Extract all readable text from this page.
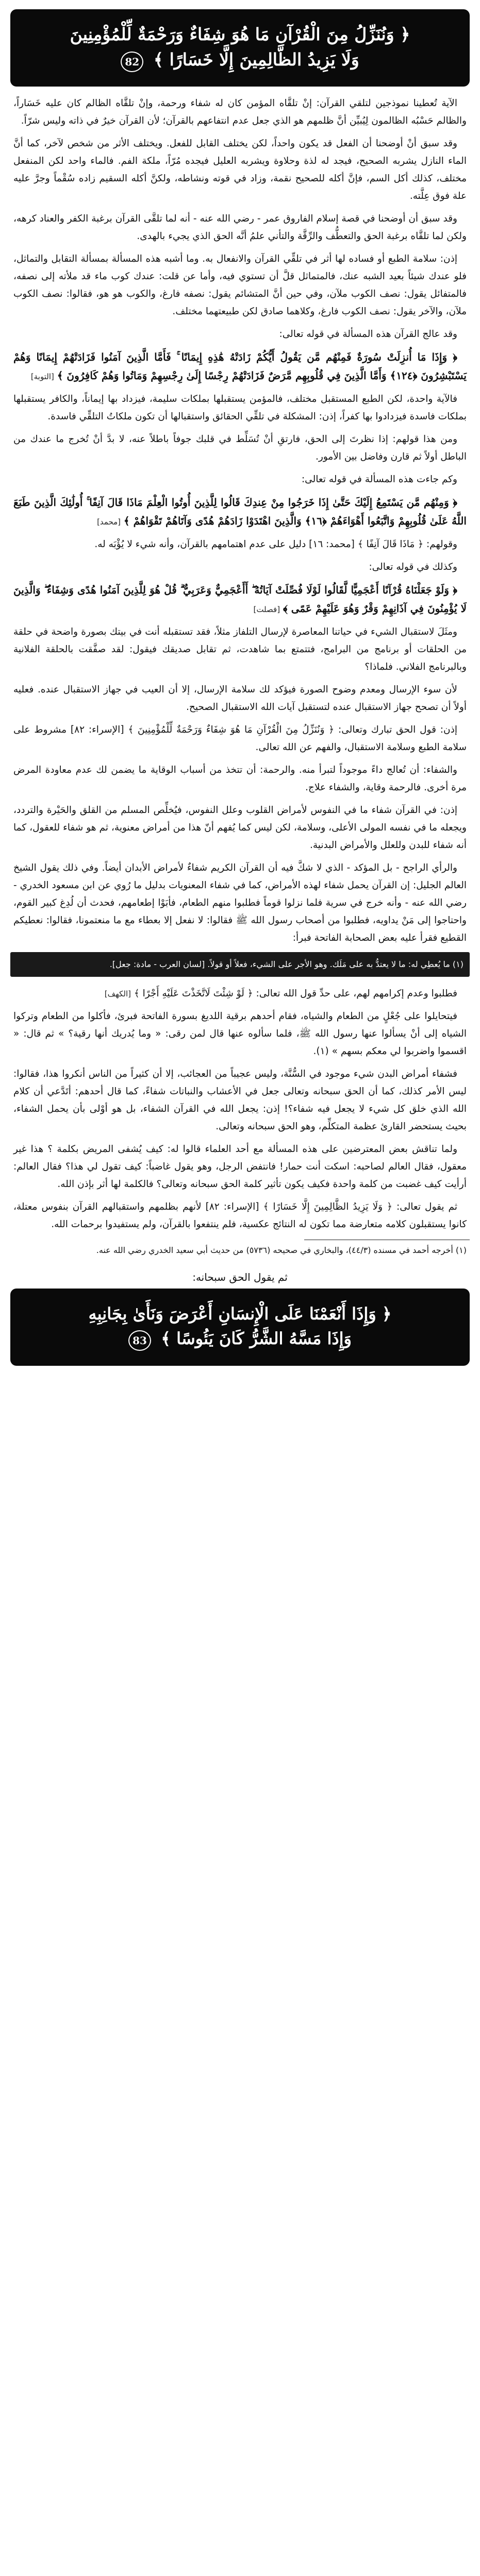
﴿ وَنُنَزِّلُ مِنَ الْقُرْآنِ مَا هُوَ شِفَاءٌ وَرَحْمَةٌ لِّلْمُؤْمِنِينَ
وَلَا يَزِيدُ الظَّالِمِينَ إِلَّا خَسَارًا ﴾ 82

الآية تُعطينا نموذجين لتلقي القرآن: إنْ تلقَّاه المؤمن كان له شفاء ورحمة، وإنْ تلقَّاه الظالم كان عليه خَسَاراً، والظالم حَسْبُه الظالمون لِيُبيِّن أنَّ ظلمهم هو الذي جعل عدم انتفاعهم بالقرآن؛ لأن القرآن خيرٌ في ذاته وليس شرّاً.

وقد سبق أنْ أوضحنا أن الفعل قد يكون واحداً، لكن يختلف القابل للفعل. ويختلف الأثر من شخص لآخر، كما أنَّ الماء النازل يشربه الصحيح، فيجد له لذة وحلاوة ويشربه العليل فيجده مُرّاً، ملكة الفم. فالماء واحد لكن المنفعل مختلف، كذلك أكل السم، فإنَّ أكله للصحيح نقمة، وزاد في قوته ونشاطه، ولكنَّ أكله السقيم زاده سُقْماً وجرَّ عليه علة فوق عِلَّته.

وقد سبق أن أوضحنا في قصة إسلام الفاروق عمر - رضي الله عنه - أنه لما تلقَّى القرآن برغبة الكفر والعناد كرهه، ولكن لما تلقَّاه برغبة الحق والتعطُّف والرِّقَّة والتأني علمُ أنَّه الحق الذي يجيء بالهدى.

إذن: سلامة الطبع أو فساده لها أثر في تلقِّي القرآن والانفعال به. وما أشبه هذه المسألة بمسألة التقابل والتماثل، فلو عندك شيئاً بعيد الشبه عنك، فالمتماثل قلَّ أن تستوي فيه، وأما عن قلت: عندك كوب ماء قد ملأته إلى نصفه، فالمتفائل يقول: نصف الكوب ملآن، وفي حين أنَّ المتشائم يقول: نصفه فارغ، والكوب هو هو، فقالوا: نصف الكوب ملآن، والآخر يقول: نصف الكوب فارغ، وكلاهما صادق لكن طبيعتهما مختلف.

وقد عالج القرآن هذه المسألة في قوله تعالى:

﴿ وَإِذَا مَا أُنزِلَتْ سُورَةٌ فَمِنْهُم مَّن يَقُولُ أَيُّكُمْ زَادَتْهُ هَٰذِهِ إِيمَانًا ۚ فَأَمَّا الَّذِينَ آمَنُوا فَزَادَتْهُمْ إِيمَانًا وَهُمْ يَسْتَبْشِرُونَ ﴿١٢٤﴾ وَأَمَّا الَّذِينَ فِي قُلُوبِهِم مَّرَضٌ فَزَادَتْهُمْ رِجْسًا إِلَىٰ رِجْسِهِمْ وَمَاتُوا وَهُمْ كَافِرُونَ ﴾ [التوبة]

فالآية واحدة، لكن الطبع المستقبل مختلف، فالمؤمن يستقبلها بملكات سليمة، فيزداد بها إيماناً، والكافر يستقبلها بملكات فاسدة فيزدادوا بها كفراً، إذن: المشكلة في تلقِّي الحقائق واستقبالها أن تكون ملكاتُ التلقِّي فاسدة.

ومن هذا قولهم: إذا نظرتَ إلى الحق، فارتقِ أنْ تُسَلِّط في قلبك جوفاً باطلاً عنه، لا بدَّ أنْ تُخرج ما عندك من الباطل أولاً ثم قارن وفاضل بين الأمور.

وكم جاءت هذه المسألة في قوله تعالى:

﴿ وَمِنْهُم مَّن يَسْتَمِعُ إِلَيْكَ حَتَّىٰ إِذَا خَرَجُوا مِنْ عِندِكَ قَالُوا لِلَّذِينَ أُوتُوا الْعِلْمَ مَاذَا قَالَ آنِفًا ۚ أُولَٰئِكَ الَّذِينَ طَبَعَ اللَّهُ عَلَىٰ قُلُوبِهِمْ وَاتَّبَعُوا أَهْوَاءَهُمْ ﴿١٦﴾ وَالَّذِينَ اهْتَدَوْا زَادَهُمْ هُدًى وَآتَاهُمْ تَقْوَاهُمْ ﴾ [محمد]

وقولهم: ﴿ مَاذَا قَالَ آنِفًا ﴾ [محمد: ١٦] دليل على عدم اهتمامهم بالقرآن، وأنه شيء لا يُؤْبَه له.

وكذلك في قوله تعالى:

﴿ وَلَوْ جَعَلْنَاهُ قُرْآنًا أَعْجَمِيًّا لَّقَالُوا لَوْلَا فُصِّلَتْ آيَاتُهُ ۖ أَأَعْجَمِيٌّ وَعَرَبِيٌّ ۗ قُلْ هُوَ لِلَّذِينَ آمَنُوا هُدًى وَشِفَاءٌ ۖ وَالَّذِينَ لَا يُؤْمِنُونَ فِي آذَانِهِمْ وَقْرٌ وَهُوَ عَلَيْهِمْ عَمًى ﴾ [فصلت]

ومثَلَ لاستقبال الشيء في حياتنا المعاصرة لإرسال التلفاز مثلاً، فقد تستقبله أنت في بيتك بصورة واضحة في حلقة من الحلقات أو برنامج من البرامج، فتتمتع بما شاهدت، ثم تقابل صديقك فيقول: لقد صفَّقت بالحلقة الفلانية وبالبرنامج الفلاني. فلماذا؟

لأن سوء الإرسال ومعدم وضوح الصورة فيؤكد لك سلامة الإرسال، إلا أن العيب في جهاز الاستقبال عنده. فعليه أولاً أن تصحح جهاز الاستقبال عنده لتستقبل آيات الله الاستقبال الصحيح.

إذن: قول الحق تبارك وتعالى: ﴿ وَنُنَزِّلُ مِنَ الْقُرْآنِ مَا هُوَ شِفَاءٌ وَرَحْمَةٌ لِّلْمُؤْمِنِينَ ﴾ [الإسراء: ٨٢] مشروط على سلامة الطبع وسلامة الاستقبال، والفهم عن الله تعالى.

والشفاء: أن تُعالج داءً موجوداً لتبرأ منه. والرحمة: أن تتخذ من أسباب الوقاية ما يضمن لك عدم معاودة المرض مرة أخرى. فالرحمة وقاية، والشفاء علاج.

إذن: في القرآن شفاء ما في النفوس لأمراض القلوب وعلل النفوس، فيُخلِّص المسلم من القلق والحَيْرة والتردد، ويجعله ما في نفسه المولى الأعلى، وسلامة، لكن ليس كما يُفهم أنّ هذا من أمراض معنوية، ثم هو شفاء للعقول، كما أنه شفاء للبدن وللعلل والأمراض البدنية.

والرأي الراجح - بل المؤكد - الذي لا شكَّ فيه أن القرآن الكريم شفاءٌ لأمراض الأبدان أيضاً. وفي ذلك يقول الشيخ العالم الجليل: إن القرآن يحمل شفاء لهذه الأمراض، كما في شفاء المعنويات بدليل ما رُوي عن ابن مسعود الخدري - رضي الله عنه - وأنه خرج في سرية فلما نزلوا قوماً فطلبوا منهم الطعام، فأبَوْا إطعامهم، فحدث أن لُدِغ كبير القوم، واحتاجوا إلى مَنْ يداويه، فطلبوا من أصحاب رسول الله ﷺ فقالوا: لا نفعل إلا بعطاء مع ما منعتمونا، فقالوا: نعطيكم القطيع فقرأ عليه بعض الصحابة الفاتحة فبرأ:

(١) ما يُعطِي له: ما لا يعتدُّ به على مَلَك. وهو الأجر على الشيء، فعلاً أو قولاً. [لسان العرب - مادة: جعل].

فطلبوا وعدم إكرامهم لهم، على حدِّ قول الله تعالى: ﴿ لَوْ شِئْتَ لَاتَّخَذْتَ عَلَيْهِ أَجْرًا ﴾ [الكهف]

فيتحايلوا على جُعْلٍ من الطعام والشياه، فقام أحدهم برقية اللديغ بسورة الفاتحة فبرئ، فأكلوا من الطعام وتركوا الشياه إلى أنْ يسألوا عنها رسول الله ﷺ، فلما سألوه عنها قال لمن رقى: « وما يُدريك أنها رقية؟ » ثم قال: « اقسموا واضربوا لي معكم بسهم » (١).

فشفاء أمراض البدن شيء موجود في السُّنَّة، وليس عجيباً من العجائب، إلا أن كثيراً من الناس أنكروا هذا، فقالوا: ليس الأمر كذلك، كما أن الحق سبحانه وتعالى جعل في الأعشاب والنباتات شفاءً، كما قال أحدهم: أتَدَّعي أن كلام الله الذي خلق كل شيء لا يجعل فيه شفاء؟! إذن: يجعل الله في القرآن الشفاء، بل هو أوْلى بأن يحمل الشفاء، بحيث يستحضر القارئ عظمة المتكلِّم، وهو الحق سبحانه وتعالى.

ولما تناقش بعض المعترضين على هذه المسألة مع أحد العلماء قالوا له: كيف يُشفى المريض بكلمة ؟ هذا غير معقول، فقال العالم لصاحبه: اسكت أنت حمار! فانتفض الرجل، وهو يقول غاضباً: كيف تقول لي هذا؟ فقال العالم: أرأيت كيف غضبت من كلمة واحدة فكيف يكون تأثير كلمة الحق سبحانه وتعالى؟ فالكلمة لها أثر بإذن الله.

ثم يقول تعالى: ﴿ وَلَا يَزِيدُ الظَّالِمِينَ إِلَّا خَسَارًا ﴾ [الإسراء: ٨٢] لأنهم بظلمهم واستقبالهم القرآن بنفوس معتلة، كانوا يستقبلون كلامه متعارضة مما تكون له النتائج عكسية، فلم ينتفعوا بالقرآن، ولم يستفيدوا برحمات الله.

(١) أخرجه أحمد في مسنده (٤٤/٣)، والبخاري في صحيحه (٥٧٣٦) من حديث أبي سعيد الخدري رضي الله عنه.

ثم يقول الحق سبحانه:
﴿ وَإِذَا أَنْعَمْنَا عَلَى الْإِنسَانِ أَعْرَضَ وَنَأَىٰ بِجَانِبِهِ
وَإِذَا مَسَّهُ الشَّرُّ كَانَ يَئُوسًا ﴾ 83
